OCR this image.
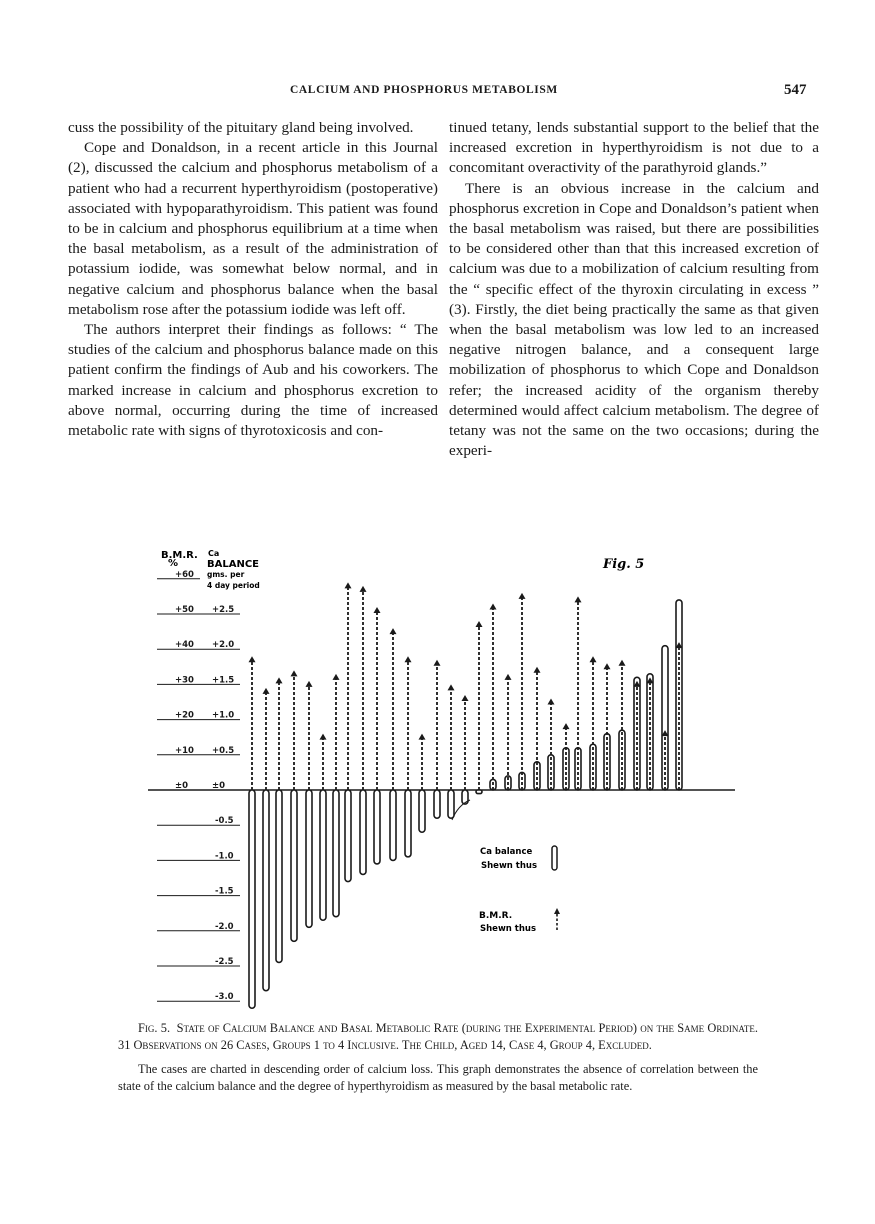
CALCIUM AND PHOSPHORUS METABOLISM	547

cuss the possibility of the pituitary gland being involved.

Cope and Donaldson, in a recent article in this Journal (2), discussed the calcium and phosphorus metabolism of a patient who had a recurrent hyperthyroidism (postoperative) associated with hypoparathyroidism. This patient was found to be in calcium and phosphorus equilibrium at a time when the basal metabolism, as a result of the administration of potassium iodide, was somewhat below normal, and in negative calcium and phosphorus balance when the basal metabolism rose after the potassium iodide was left off.

The authors interpret their findings as follows: “ The studies of the calcium and phosphorus balance made on this patient confirm the findings of Aub and his coworkers. The marked increase in calcium and phosphorus excretion to above normal, occurring during the time of increased metabolic rate with signs of thyrotoxicosis and con-

tinued tetany, lends substantial support to the belief that the increased excretion in hyperthyroidism is not due to a concomitant overactivity of the parathyroid glands.”

There is an obvious increase in the calcium and phosphorus excretion in Cope and Donaldson’s patient when the basal metabolism was raised, but there are possibilities to be considered other than that this increased excretion of calcium was due to a mobilization of calcium resulting from the “ specific effect of the thyroxin circulating in excess ” (3). Firstly, the diet being practically the same as that given when the basal metabolism was low led to an increased negative nitrogen balance, and a consequent large mobilization of phosphorus to which Cope and Donaldson refer; the increased acidity of the organism thereby determined would affect calcium metabolism. The degree of tetany was not the same on the two occasions; during the experi-

+60
+50
+40
+30
+20
+10
±0
+2.5
+2.0
+1.5
+1.0
+0.5
±0
-0.5
-1.0
-1.5
-2.0
-2.5
-3.0
B.M.R.
%
Ca
BALANCE
gms. per
4 day period
Fig. 5
Ca balance
Shewn thus
B.M.R.
Shewn thus

Fig. 5. State of Calcium Balance and Basal Metabolic Rate (during the Experimental Period) on the Same Ordinate. 31 Observations on 26 Cases, Groups 1 to 4 Inclusive. The Child, Aged 14, Case 4, Group 4, Excluded.

The cases are charted in descending order of calcium loss. This graph demonstrates the absence of correlation between the state of the calcium balance and the degree of hyperthyroidism as measured by the basal metabolic rate.
